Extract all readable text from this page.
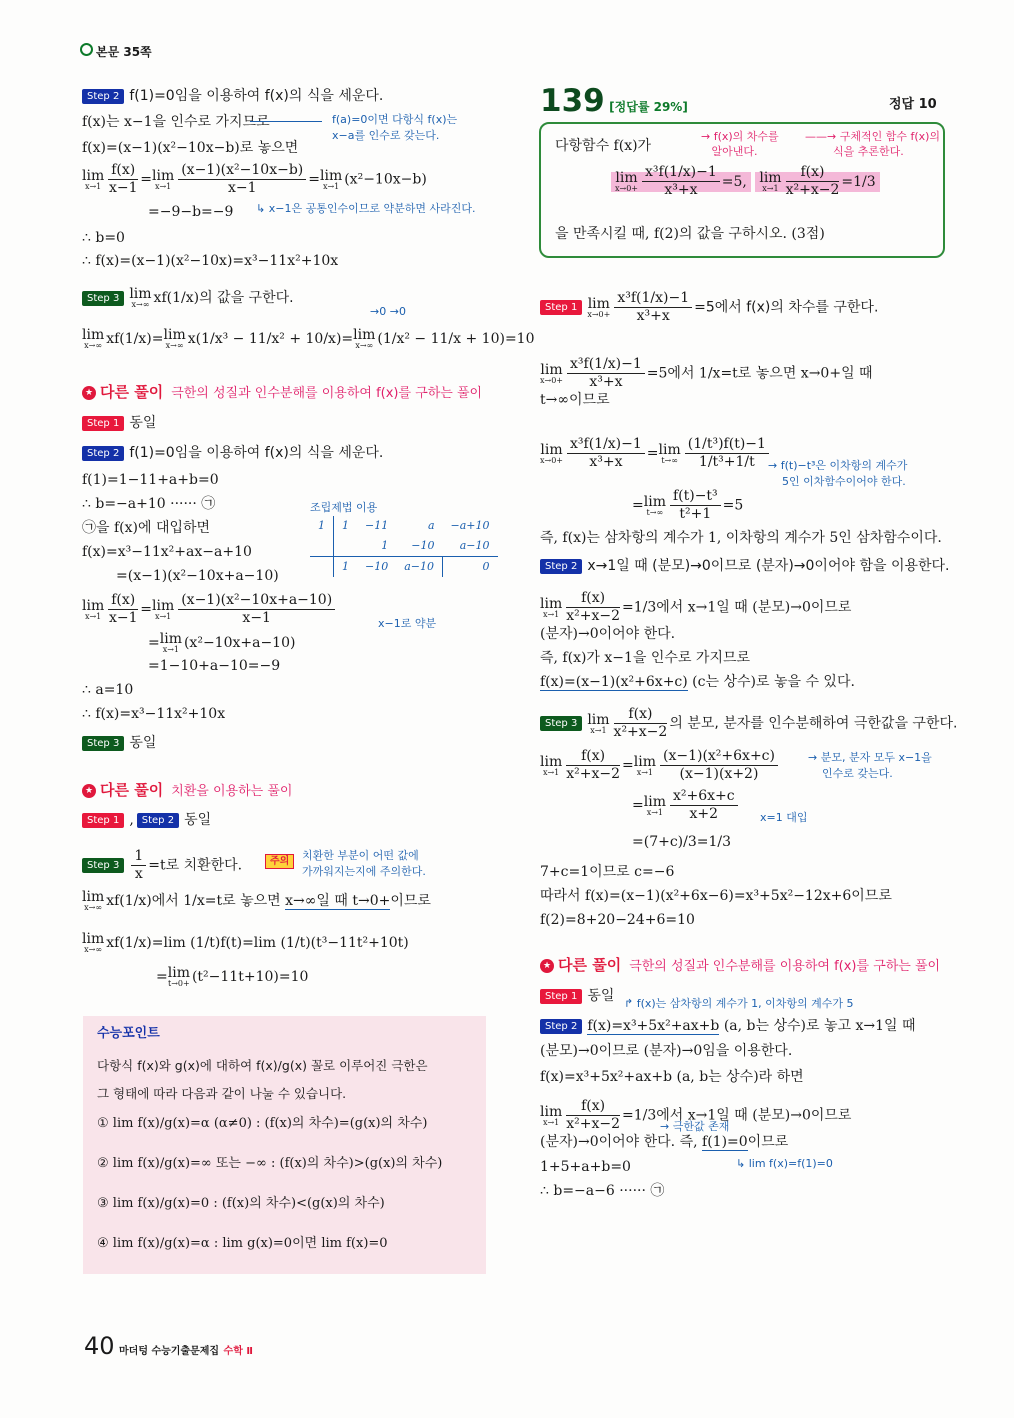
본문 35쪽
Step 2 f(1)=0임을 이용하여 f(x)의 식을 세운다.
f(x)는 x−1을 인수로 가지므로	f(a)=0이면 다항식 f(x)는
x−a를 인수로 갖는다.
f(x)=(x−1)(x²−10x−b)로 놓으면
lim
$x\to 1 \frac{f(x)}{x-1} = \lim$
$x\to 1 \frac{\text{(x−1)(x²−10x−b)}}{x-1} = \lim$
x→1 (x²−10x−b)
=−9−b=−9 ↳ x−1은 공통인수이므로 약분하면 사라진다.
∴ b=0
∴ f(x)=(x−1)(x²−10x)=x³−11x²+10x
Step 3 lim
x→∞ xf(1/x)의 값을 구한다.
→0 →0
lim
x→∞ xf(1/x)= lim
x→∞ x(1/x³ − 11/x² + 10/x)= lim
x→∞ (1/x² − 11/x + 10)=10
★ 다른 풀이 극한의 성질과 인수분해를 이용하여 f(x)를 구하는 풀이
Step 1 동일
Step 2 f(1)=0임을 이용하여 f(x)의 식을 세운다.
f(1)=1−11+a+b=0
∴ b=−a+10 ······ ㉠
㉠을 f(x)에 대입하면
f(x)=x³−11x²+ax−a+10
=(x−1)(x²−10x+a−10)
조립제법 이용
1	1	−11	a	−a+10
		1	−10	a−10
	1	−10	a−10	0
lim
$x\to 1 \frac{f(x)}{x-1} = \lim$
$x\to 1 \frac{\text{(x−1)(x²−10x+a−10)}}{x-1}$	x−1로 약분
= lim
x→1 (x²−10x+a−10)
=1−10+a−10=−9
∴ a=10
∴ f(x)=x³−11x²+10x
Step 3 동일
★ 다른 풀이 치환을 이용하는 풀이
Step 1 , Step 2 동일
Step $3 \frac{1}{x} =t$로 치환한다.	주의	치환한 부분이 어떤 값에
가까워지는지에 주의한다.
lim
x→∞ xf(1/x)에서 1/x=t로 놓으면 x→∞일 때 t→0+이므로
lim
x→∞ xf(1/x)=lim (1/t)f(t)=lim (1/t)(t³−11t²+10t)
= lim
t→0+ (t²−11t+10)=10
수능포인트
다항식 f(x)와 g(x)에 대하여 f(x)/g(x) 꼴로 이루어진 극한은
그 형태에 따라 다음과 같이 나눌 수 있습니다.
① lim f(x)/g(x)=α (α≠0) : (f(x)의 차수)=(g(x)의 차수)
② lim f(x)/g(x)=∞ 또는 −∞ : (f(x)의 차수)>(g(x)의 차수)
③ lim f(x)/g(x)=0 : (f(x)의 차수)<(g(x)의 차수)
④ lim f(x)/g(x)=α : lim g(x)=0이면 lim f(x)=0
139 [정답률 29%]	정답 10
다항함수 f(x)가
→ f(x)의 차수를
알아낸다.
——→ 구체적인 함수 f(x)의
식을 추론한다.
lim
$x\to 0+ \frac{\text{x³f(1/x)−1}}{\text{x³+x}} =5$, lim
$x\to 1 \frac{f(x)}{\text{x²+x−2}} =1/3$
을 만족시킬 때, f(2)의 값을 구하시오. (3점)
Step 1 lim
$x\to 0+ \frac{\text{x³f(1/x)−1}}{\text{x³+x}} =5$에서 f(x)의 차수를 구한다.
lim
$x\to 0+ \frac{\text{x³f(1/x)−1}}{\text{x³+x}} =5$에서 1/x=t로 놓으면 x→0+일 때
t→∞이므로
lim
$x\to 0+ \frac{\text{x³f(1/x)−1}}{\text{x³+x}} = \lim$
$t\to\infty \frac{\text{(1/t³)f(t)−1}}{\text{1/t³+1/t}}$
= lim
$t\to\infty \frac{\text{f(t)−t³}}{\text{t²+1}} =5$
→ f(t)−t³은 이차항의 계수가
5인 이차함수이어야 한다.
즉, f(x)는 삼차항의 계수가 1, 이차항의 계수가 5인 삼차함수이다.
Step 2 x→1일 때 (분모)→0이므로 (분자)→0이어야 함을 이용한다.
lim
$x\to 1 \frac{f(x)}{\text{x²+x−2}} =1/3$에서 x→1일 때 (분모)→0이므로
(분자)→0이어야 한다.
즉, f(x)가 x−1을 인수로 가지므로
f(x)=(x−1)(x²+6x+c) (c는 상수)로 놓을 수 있다.
Step 3 lim
$x\to 1 \frac{f(x)}{\text{x²+x−2}}$ 의 분모, 분자를 인수분해하여 극한값을 구한다.
lim
$x\to 1 \frac{f(x)}{\text{x²+x−2}} = \lim$
$x\to 1 \frac{\text{(x−1)(x²+6x+c)}}{(x-1)(x+2)}$	→ 분모, 분자 모두 x−1을
인수로 갖는다.
= lim
$x\to 1 \frac{\text{x²+6x+c}}{x+2} x=1$ 대입
=(7+c)/3=1/3
7+c=1이므로 c=−6
따라서 f(x)=(x−1)(x²+6x−6)=x³+5x²−12x+6이므로
f(2)=8+20−24+6=10
★ 다른 풀이 극한의 성질과 인수분해를 이용하여 f(x)를 구하는 풀이
Step 1 동일 ↱ f(x)는 삼차항의 계수가 1, 이차항의 계수가 5
Step 2 f(x)=x³+5x²+ax+b (a, b는 상수)로 놓고 x→1일 때
(분모)→0이므로 (분자)→0임을 이용한다.
f(x)=x³+5x²+ax+b (a, b는 상수)라 하면
lim
$x\to 1 \frac{f(x)}{\text{x²+x−2}} =1/3$에서 x→1일 때 (분모)→0이므로
→ 극한값 존재
(분자)→0이어야 한다. 즉, f(1)=0이므로
↳ lim f(x)=f(1)=0
1+5+a+b=0
∴ b=−a−6 ······ ㉠
40 마더텅 수능기출문제집 수학 Ⅱ
